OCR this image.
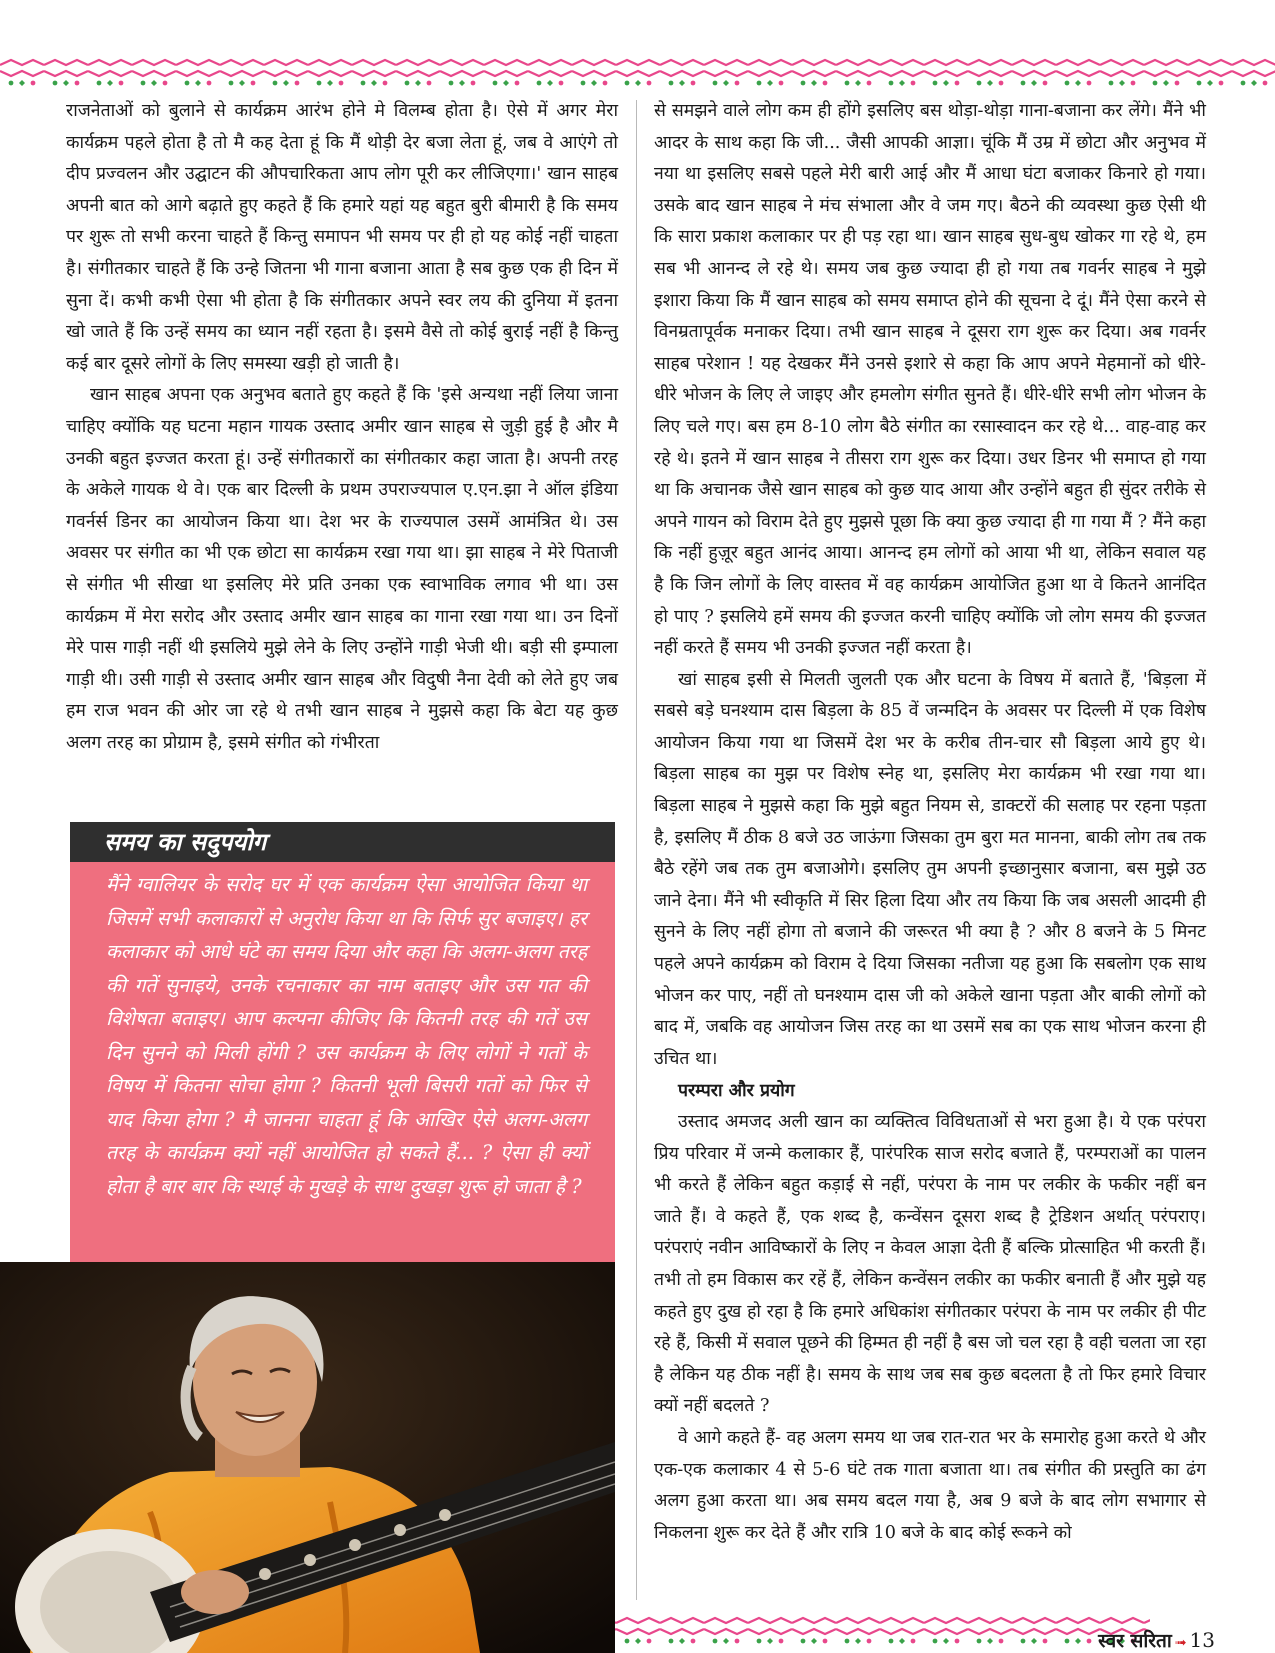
राजनेताओं को बुलाने से कार्यक्रम आरंभ होने मे विलम्ब होता है। ऐसे में अगर मेरा कार्यक्रम पहले होता है तो मै कह देता हूं कि मैं थोड़ी देर बजा लेता हूं, जब वे आएंगे तो दीप प्रज्वलन और उद्घाटन की औपचारिकता आप लोग पूरी कर लीजिएगा।' खान साहब अपनी बात को आगे बढ़ाते हुए कहते हैं कि हमारे यहां यह बहुत बुरी बीमारी है कि समय पर शुरू तो सभी करना चाहते हैं किन्तु समापन भी समय पर ही हो यह कोई नहीं चाहता है। संगीतकार चाहते हैं कि उन्हे जितना भी गाना बजाना आता है सब कुछ एक ही दिन में सुना दें। कभी कभी ऐसा भी होता है कि संगीतकार अपने स्वर लय की दुनिया में इतना खो जाते हैं कि उन्हें समय का ध्यान नहीं रहता है। इसमे वैसे तो कोई बुराई नहीं है किन्तु कई बार दूसरे लोगों के लिए समस्या खड़ी हो जाती है।

खान साहब अपना एक अनुभव बताते हुए कहते हैं कि 'इसे अन्यथा नहीं लिया जाना चाहिए क्योंकि यह घटना महान गायक उस्ताद अमीर खान साहब से जुड़ी हुई है और मै उनकी बहुत इज्जत करता हूं। उन्हें संगीतकारों का संगीतकार कहा जाता है। अपनी तरह के अकेले गायक थे वे। एक बार दिल्ली के प्रथम उपराज्यपाल ए.एन.झा ने ऑल इंडिया गवर्नर्स डिनर का आयोजन किया था। देश भर के राज्यपाल उसमें आमंत्रित थे। उस अवसर पर संगीत का भी एक छोटा सा कार्यक्रम रखा गया था। झा साहब ने मेरे पिताजी से संगीत भी सीखा था इसलिए मेरे प्रति उनका एक स्वाभाविक लगाव भी था। उस कार्यक्रम में मेरा सरोद और उस्ताद अमीर खान साहब का गाना रखा गया था। उन दिनों मेरे पास गाड़ी नहीं थी इसलिये मुझे लेने के लिए उन्होंने गाड़ी भेजी थी। बड़ी सी इम्पाला गाड़ी थी। उसी गाड़ी से उस्ताद अमीर खान साहब और विदुषी नैना देवी को लेते हुए जब हम राज भवन की ओर जा रहे थे तभी खान साहब ने मुझसे कहा कि बेटा यह कुछ अलग तरह का प्रोग्राम है, इसमे संगीत को गंभीरता

से समझने वाले लोग कम ही होंगे इसलिए बस थोड़ा-थोड़ा गाना-बजाना कर लेंगे। मैंने भी आदर के साथ कहा कि जी... जैसी आपकी आज्ञा। चूंकि मैं उम्र में छोटा और अनुभव में नया था इसलिए सबसे पहले मेरी बारी आई और मैं आधा घंटा बजाकर किनारे हो गया। उसके बाद खान साहब ने मंच संभाला और वे जम गए। बैठने की व्यवस्था कुछ ऐसी थी कि सारा प्रकाश कलाकार पर ही पड़ रहा था। खान साहब सुध-बुध खोकर गा रहे थे, हम सब भी आनन्द ले रहे थे। समय जब कुछ ज्यादा ही हो गया तब गवर्नर साहब ने मुझे इशारा किया कि मैं खान साहब को समय समाप्त होने की सूचना दे दूं। मैंने ऐसा करने से विनम्रतापूर्वक मनाकर दिया। तभी खान साहब ने दूसरा राग शुरू कर दिया। अब गवर्नर साहब परेशान ! यह देखकर मैंने उनसे इशारे से कहा कि आप अपने मेहमानों को धीरे-धीरे भोजन के लिए ले जाइए और हमलोग संगीत सुनते हैं। धीरे-धीरे सभी लोग भोजन के लिए चले गए। बस हम 8-10 लोग बैठे संगीत का रसास्वादन कर रहे थे... वाह-वाह कर रहे थे। इतने में खान साहब ने तीसरा राग शुरू कर दिया। उधर डिनर भी समाप्त हो गया था कि अचानक जैसे खान साहब को कुछ याद आया और उन्होंने बहुत ही सुंदर तरीके से अपने गायन को विराम देते हुए मुझसे पूछा कि क्या कुछ ज्यादा ही गा गया मैं ? मैंने कहा कि नहीं हुज़ूर बहुत आनंद आया। आनन्द हम लोगों को आया भी था, लेकिन सवाल यह है कि जिन लोगों के लिए वास्तव में वह कार्यक्रम आयोजित हुआ था वे कितने आनंदित हो पाए ? इसलिये हमें समय की इज्जत करनी चाहिए क्योंकि जो लोग समय की इज्जत नहीं करते हैं समय भी उनकी इज्जत नहीं करता है।

खां साहब इसी से मिलती जुलती एक और घटना के विषय में बताते हैं, 'बिड़ला में सबसे बड़े घनश्याम दास बिड़ला के 85 वें जन्मदिन के अवसर पर दिल्ली में एक विशेष आयोजन किया गया था जिसमें देश भर के करीब तीन-चार सौ बिड़ला आये हुए थे। बिड़ला साहब का मुझ पर विशेष स्नेह था, इसलिए मेरा कार्यक्रम भी रखा गया था। बिड़ला साहब ने मुझसे कहा कि मुझे बहुत नियम से, डाक्टरों की सलाह पर रहना पड़ता है, इसलिए मैं ठीक 8 बजे उठ जाऊंगा जिसका तुम बुरा मत मानना, बाकी लोग तब तक बैठे रहेंगे जब तक तुम बजाओगे। इसलिए तुम अपनी इच्छानुसार बजाना, बस मुझे उठ जाने देना। मैंने भी स्वीकृति में सिर हिला दिया और तय किया कि जब असली आदमी ही सुनने के लिए नहीं होगा तो बजाने की जरूरत भी क्या है ? और 8 बजने के 5 मिनट पहले अपने कार्यक्रम को विराम दे दिया जिसका नतीजा यह हुआ कि सबलोग एक साथ भोजन कर पाए, नहीं तो घनश्याम दास जी को अकेले खाना पड़ता और बाकी लोगों को बाद में, जबकि वह आयोजन जिस तरह का था उसमें सब का एक साथ भोजन करना ही उचित था।

परम्परा और प्रयोग

उस्ताद अमजद अली खान का व्यक्तित्व विविधताओं से भरा हुआ है। ये एक परंपरा प्रिय परिवार में जन्मे कलाकार हैं, पारंपरिक साज सरोद बजाते हैं, परम्पराओं का पालन भी करते हैं लेकिन बहुत कड़ाई से नहीं, परंपरा के नाम पर लकीर के फकीर नहीं बन जाते हैं। वे कहते हैं, एक शब्द है, कन्वेंसन दूसरा शब्द है ट्रेडिशन अर्थात् परंपराए। परंपराएं नवीन आविष्कारों के लिए न केवल आज्ञा देती हैं बल्कि प्रोत्साहित भी करती हैं। तभी तो हम विकास कर रहें हैं, लेकिन कन्वेंसन लकीर का फकीर बनाती हैं और मुझे यह कहते हुए दुख हो रहा है कि हमारे अधिकांश संगीतकार परंपरा के नाम पर लकीर ही पीट रहे हैं, किसी में सवाल पूछने की हिम्मत ही नहीं है बस जो चल रहा है वही चलता जा रहा है लेकिन यह ठीक नहीं है। समय के साथ जब सब कुछ बदलता है तो फिर हमारे विचार क्यों नहीं बदलते ?

वे आगे कहते हैं- वह अलग समय था जब रात-रात भर के समारोह हुआ करते थे और एक-एक कलाकार 4 से 5-6 घंटे तक गाता बजाता था। तब संगीत की प्रस्तुति का ढंग अलग हुआ करता था। अब समय बदल गया है, अब 9 बजे के बाद लोग सभागार से निकलना शुरू कर देते हैं और रात्रि 10 बजे के बाद कोई रूकने को

समय का सदुपयोग
मैंने ग्वालियर के सरोद घर में एक कार्यक्रम ऐसा आयोजित किया था जिसमें सभी कलाकारों से अनुरोध किया था कि सिर्फ सुर बजाइए। हर कलाकार को आधे घंटे का समय दिया और कहा कि अलग-अलग तरह की गतें सुनाइये, उनके रचनाकार का नाम बताइए और उस गत की विशेषता बताइए। आप कल्पना कीजिए कि कितनी तरह की गतें उस दिन सुनने को मिली होंगी ? उस कार्यक्रम के लिए लोगों ने गतों के विषय में कितना सोचा होगा ? कितनी भूली बिसरी गतों को फिर से याद किया होगा ? मै जानना चाहता हूं कि आखिर ऐसे अलग-अलग तरह के कार्यक्रम क्यों नहीं आयोजित हो सकते हैं... ? ऐसा ही क्यों होता है बार बार कि स्थाई के मुखड़े के साथ दुखड़ा शुरू हो जाता है ?
स्वर सरिता ➟ 13
